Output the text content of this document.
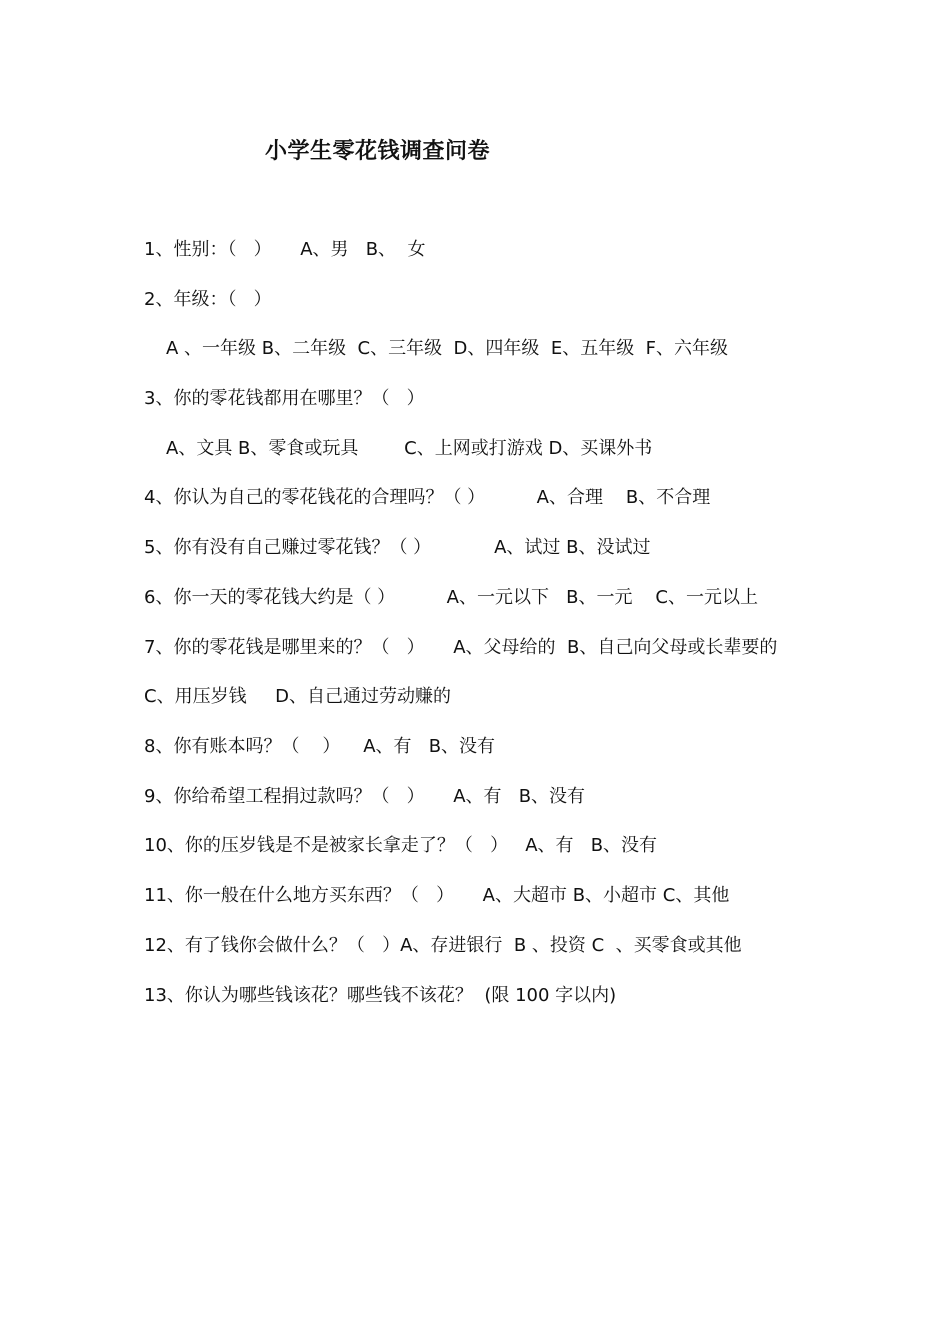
小学生零花钱调查问卷
1、性别：（   ）     A、男   B、  女
2、年级：（   ）
A 、一年级 B、二年级  C、三年级  D、四年级  E、五年级  F、六年级
3、你的零花钱都用在哪里？（   ）
A、文具 B、零食或玩具        C、上网或打游戏 D、买课外书
4、你认为自己的零花钱花的合理吗？（ ）         A、合理    B、不合理
5、你有没有自己赚过零花钱？（ ）           A、试过 B、没试过
6、你一天的零花钱大约是（ ）         A、一元以下   B、一元    C、一元以上
7、你的零花钱是哪里来的？（   ）     A、父母给的  B、自己向父母或长辈要的
C、用压岁钱     D、自己通过劳动赚的
8、你有账本吗？（    ）    A、有   B、没有
9、你给希望工程捐过款吗？（   ）     A、有   B、没有
10、你的压岁钱是不是被家长拿走了？（   ）   A、有   B、没有
11、你一般在什么地方买东西？（   ）     A、大超市 B、小超市 C、其他
12、有了钱你会做什么？（   ）A、存进银行  B 、投资 C  、买零食或其他
13、你认为哪些钱该花？哪些钱不该花？  (限 100 字以内)
